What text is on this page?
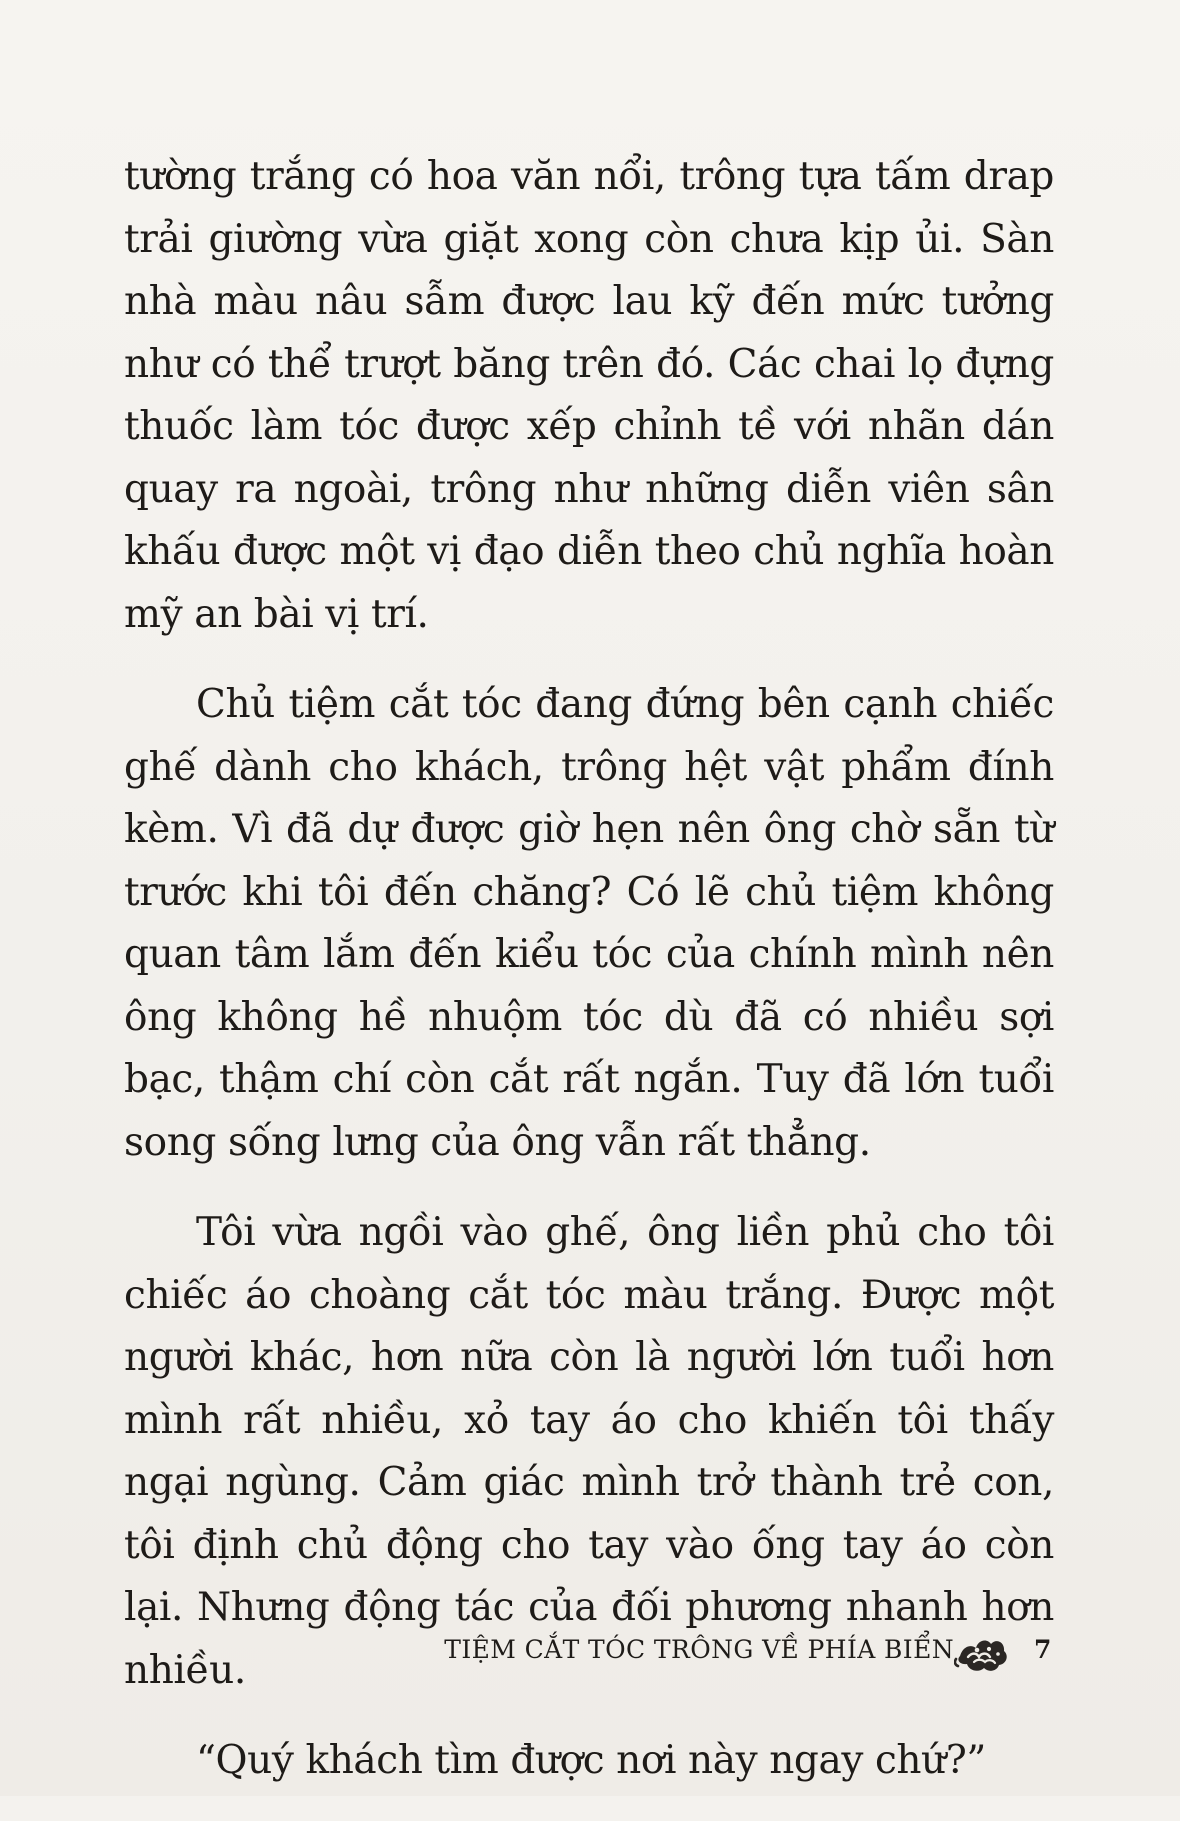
tường trắng có hoa văn nổi, trông tựa tấm drap trải giường vừa giặt xong còn chưa kịp ủi. Sàn nhà màu nâu sẫm được lau kỹ đến mức tưởng như có thể trượt băng trên đó. Các chai lọ đựng thuốc làm tóc được xếp chỉnh tề với nhãn dán quay ra ngoài, trông như những diễn viên sân khấu được một vị đạo diễn theo chủ nghĩa hoàn mỹ an bài vị trí.

Chủ tiệm cắt tóc đang đứng bên cạnh chiếc ghế dành cho khách, trông hệt vật phẩm đính kèm. Vì đã dự được giờ hẹn nên ông chờ sẵn từ trước khi tôi đến chăng? Có lẽ chủ tiệm không quan tâm lắm đến kiểu tóc của chính mình nên ông không hề nhuộm tóc dù đã có nhiều sợi bạc, thậm chí còn cắt rất ngắn. Tuy đã lớn tuổi song sống lưng của ông vẫn rất thẳng.

Tôi vừa ngồi vào ghế, ông liền phủ cho tôi chiếc áo choàng cắt tóc màu trắng. Được một người khác, hơn nữa còn là người lớn tuổi hơn mình rất nhiều, xỏ tay áo cho khiến tôi thấy ngại ngùng. Cảm giác mình trở thành trẻ con, tôi định chủ động cho tay vào ống tay áo còn lại. Nhưng động tác của đối phương nhanh hơn nhiều.

“Quý khách tìm được nơi này ngay chứ?”

TIỆM CẮT TÓC TRÔNG VỀ PHÍA BIỂN	7
